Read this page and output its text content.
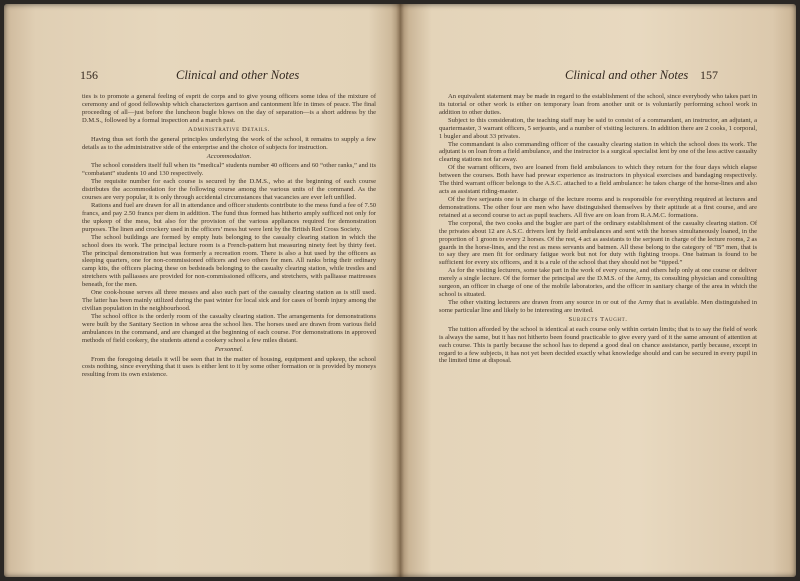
156	Clinical and other Notes

ties is to promote a general feeling of esprit de corps and to give young officers some idea of the mixture of ceremony and of good fellowship which characterizes garrison and cantonment life in times of peace. The final proceeding of all—just before the luncheon bugle blows on the day of separation—is a short address by the D.M.S., followed by a formal inspection and a march past.

Administrative Details.

Having thus set forth the general principles underlying the work of the school, it remains to supply a few details as to the administrative side of the enterprise and the choice of subjects for instruction.

Accommodation.

The school considers itself full when its “medical” students number 40 officers and 60 “other ranks,” and its “combatant” students 10 and 130 respectively.

The requisite number for each course is secured by the D.M.S., who at the beginning of each course distributes the accommodation for the following course among the various units of the command. As the courses are very popular, it is only through accidental circumstances that vacancies are ever left unfilled.

Rations and fuel are drawn for all in attendance and officer students contribute to the mess fund a fee of 7.50 francs, and pay 2.50 francs per diem in addition. The fund thus formed has hitherto amply sufficed not only for the upkeep of the mess, but also for the provision of the various appliances required for demonstration purposes. The linen and crockery used in the officers’ mess hut were lent by the British Red Cross Society.

The school buildings are formed by empty huts belonging to the casualty clearing station in which the school does its work. The principal lecture room is a French-pattern hut measuring ninety feet by thirty feet. The principal demonstration hut was formerly a recreation room. There is also a hut used by the officers as sleeping quarters, one for non-commissioned officers and two others for men. All ranks bring their ordinary camp kits, the officers placing these on bedsteads belonging to the casualty clearing station, while trestles and stretchers with palliasses are provided for non-commissioned officers, and stretchers, with palliasse mattresses beneath, for the men.

One cook-house serves all three messes and also such part of the casualty clearing station as is still used. The latter has been mainly utilized during the past winter for local sick and for cases of bomb injury among the civilian population in the neighbourhood.

The school office is the orderly room of the casualty clearing station. The arrangements for demonstrations were built by the Sanitary Section in whose area the school lies. The horses used are drawn from various field ambulances in the command, and are changed at the beginning of each course. For demonstrations in approved methods of field cookery, the students attend a cookery school a few miles distant.

Personnel.

From the foregoing details it will be seen that in the matter of housing, equipment and upkeep, the school costs nothing, since everything that it uses is either lent to it by some other formation or is provided by moneys resulting from its own existence.

Clinical and other Notes 157

An equivalent statement may be made in regard to the establishment of the school, since everybody who takes part in its tutorial or other work is either on temporary loan from another unit or is voluntarily performing school work in addition to other duties.

Subject to this consideration, the teaching staff may be said to consist of a commandant, an instructor, an adjutant, a quartermaster, 3 warrant officers, 5 serjeants, and a number of visiting lecturers. In addition there are 2 cooks, 1 corporal, 1 bugler and about 33 privates.

The commandant is also commanding officer of the casualty clearing station in which the school does its work. The adjutant is on loan from a field ambulance, and the instructor is a surgical specialist lent by one of the less active casualty clearing stations not far away.

Of the warrant officers, two are loaned from field ambulances to which they return for the four days which elapse between the courses. Both have had prewar experience as instructors in physical exercises and bandaging respectively. The third warrant officer belongs to the A.S.C. attached to a field ambulance: he takes charge of the horse-lines and also acts as assistant riding-master.

Of the five serjeants one is in charge of the lecture rooms and is responsible for everything required at lectures and demonstrations. The other four are men who have distinguished themselves by their aptitude at a first course, and are retained at a second course to act as pupil teachers. All five are on loan from R.A.M.C. formations.

The corporal, the two cooks and the bugler are part of the ordinary establishment of the casualty clearing station. Of the privates about 12 are A.S.C. drivers lent by field ambulances and sent with the horses simultaneously loaned, in the proportion of 1 groom to every 2 horses. Of the rest, 4 act as assistants to the serjeant in charge of the lecture rooms, 2 as guards in the horse-lines, and the rest as mess servants and batmen. All these belong to the category of “B” men, that is to say they are men fit for ordinary fatigue work but not for duty with fighting troops. One batman is found to be sufficient for every six officers, and it is a rule of the school that they should not be “tipped.”

As for the visiting lecturers, some take part in the work of every course, and others help only at one course or deliver merely a single lecture. Of the former the principal are the D.M.S. of the Army, its consulting physician and consulting surgeon, an officer in charge of one of the mobile laboratories, and the officer in sanitary charge of the area in which the school is situated.

The other visiting lecturers are drawn from any source in or out of the Army that is available. Men distinguished in some particular line and likely to be interesting are invited.

Subjects Taught.

The tuition afforded by the school is identical at each course only within certain limits; that is to say the field of work is always the same, but it has not hitherto been found practicable to give every yard of it the same amount of attention at each course. This is partly because the school has to depend a good deal on chance assistance, partly because, except in regard to a few subjects, it has not yet been decided exactly what knowledge should and can be secured in every pupil in the limited time at disposal.
